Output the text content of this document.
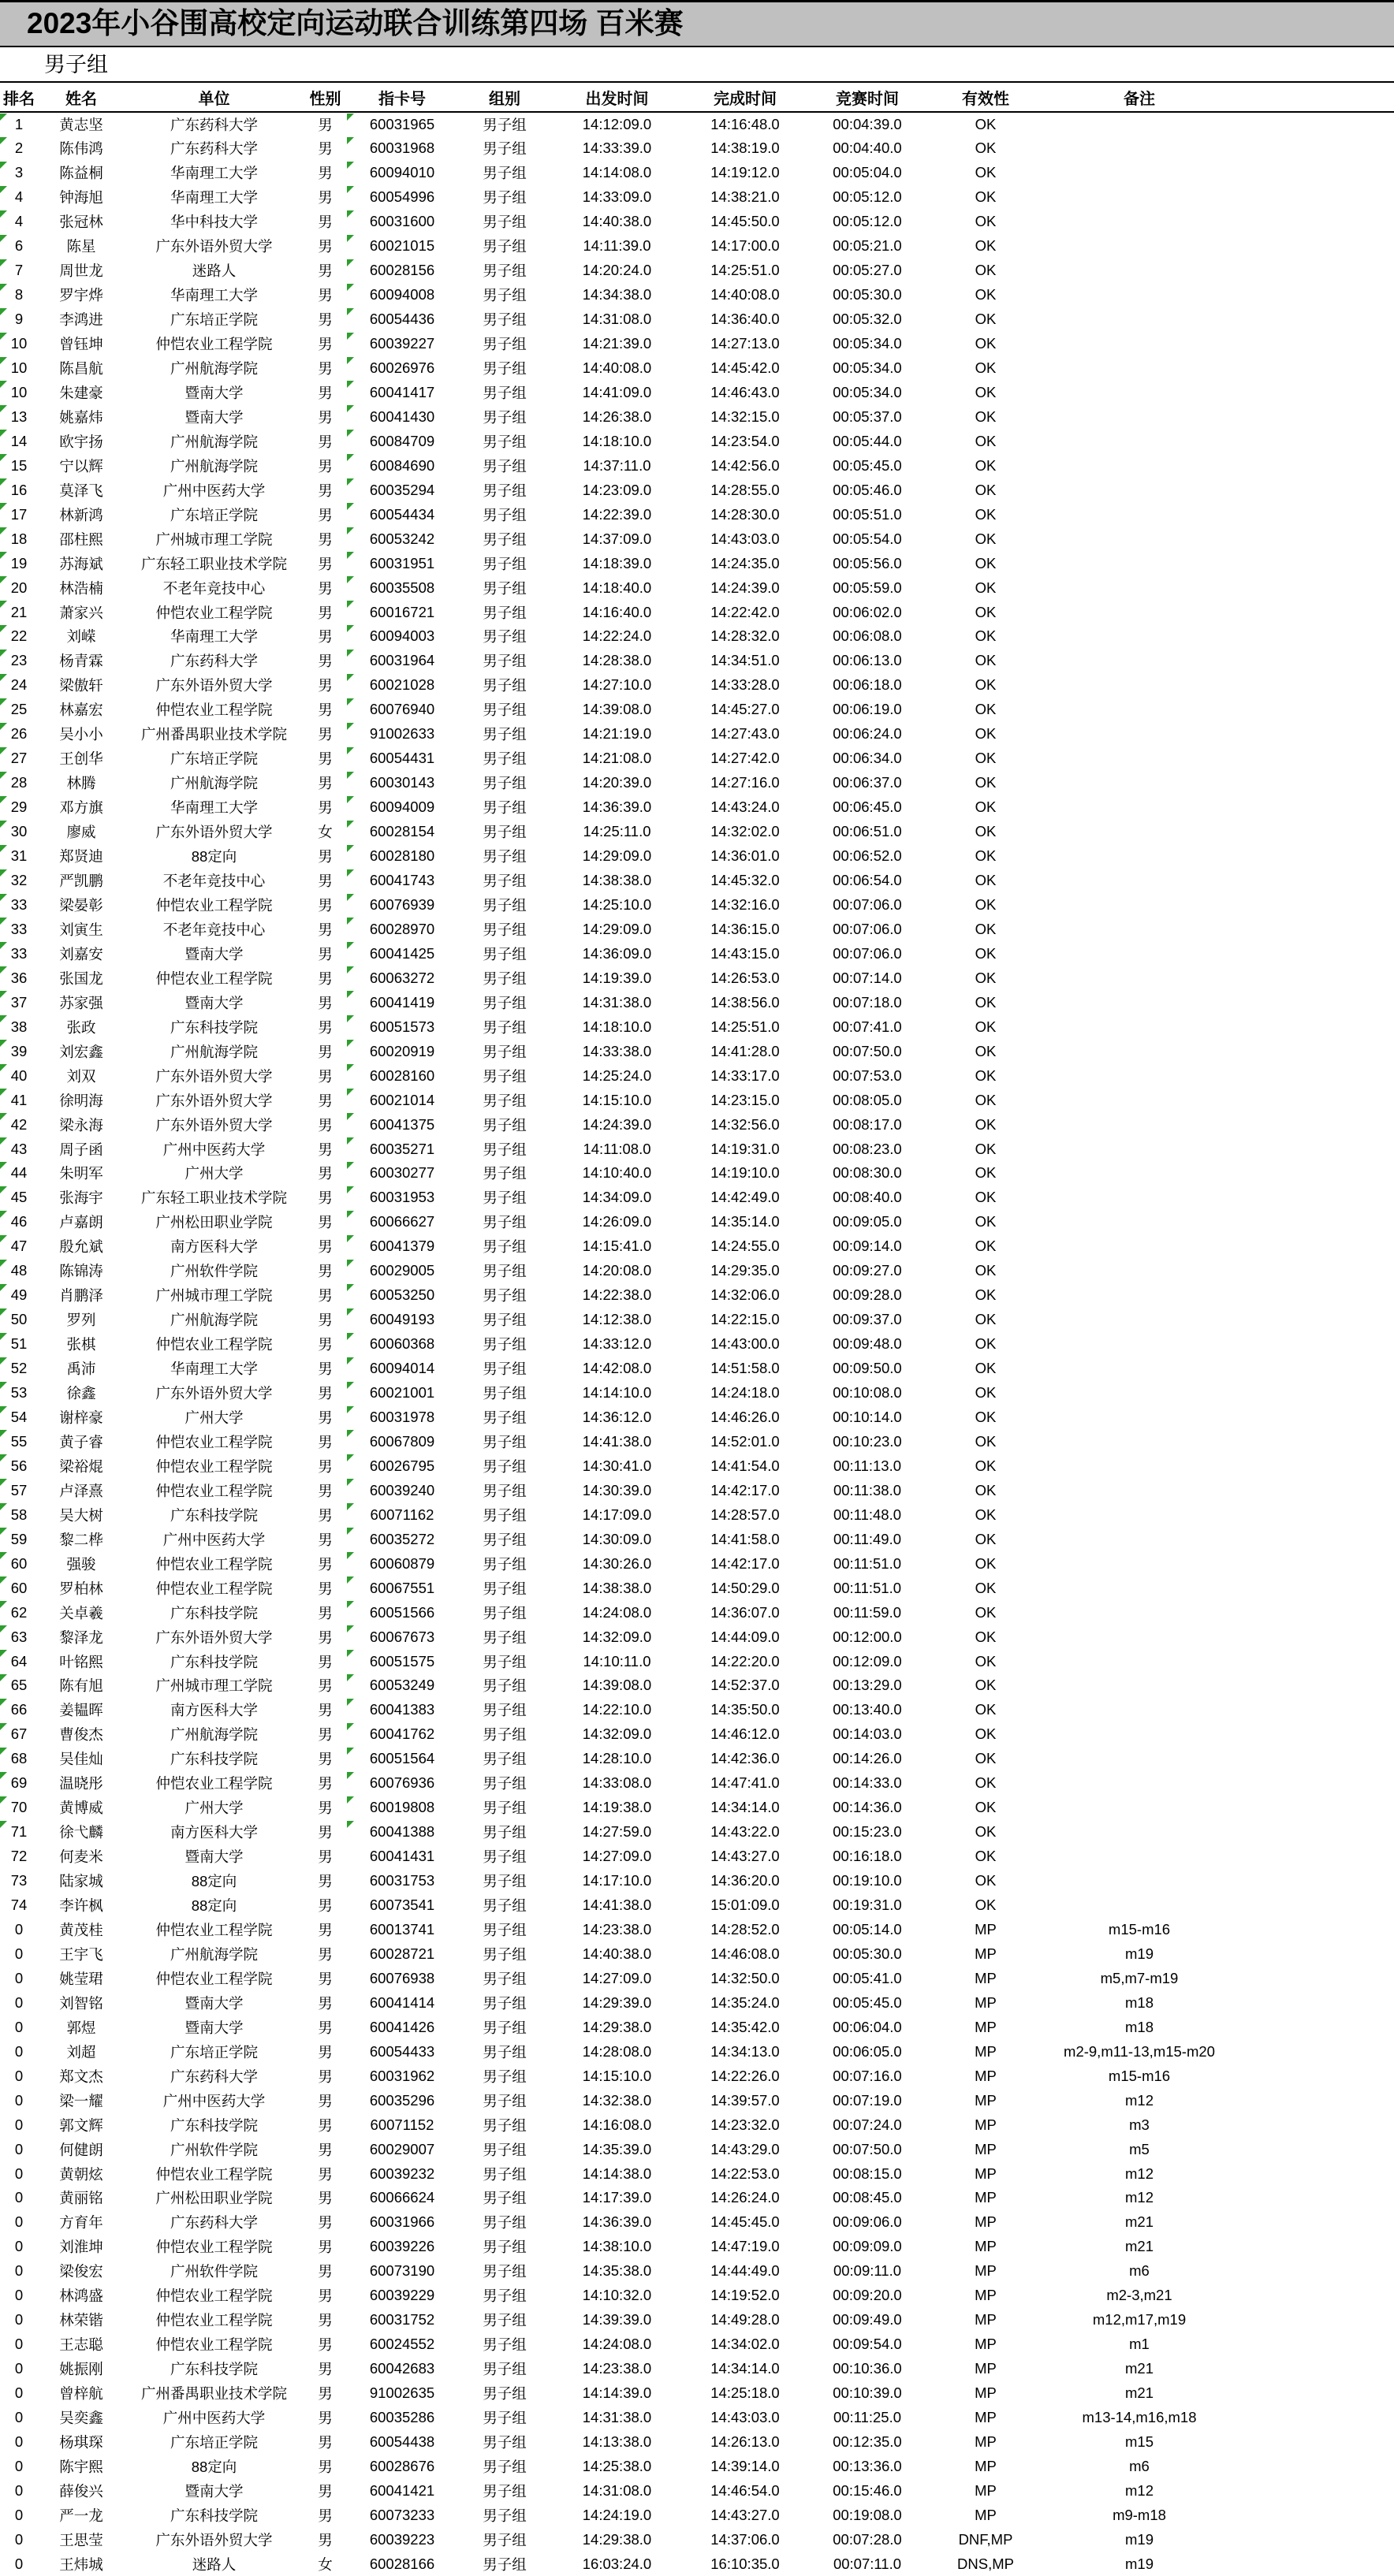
2023年小谷围高校定向运动联合训练第四场 百米赛
男子组
排名	姓名	单位	性别	指卡号	组别	出发时间	完成时间	竞赛时间	有效性	备注	

1	黄志坚	广东药科大学	男	60031965	男子组	14:12:09.0	14:16:48.0	00:04:39.0	OK		

2	陈伟鸿	广东药科大学	男	60031968	男子组	14:33:39.0	14:38:19.0	00:04:40.0	OK		

3	陈益桐	华南理工大学	男	60094010	男子组	14:14:08.0	14:19:12.0	00:05:04.0	OK		

4	钟海旭	华南理工大学	男	60054996	男子组	14:33:09.0	14:38:21.0	00:05:12.0	OK		

4	张冠林	华中科技大学	男	60031600	男子组	14:40:38.0	14:45:50.0	00:05:12.0	OK		

6	陈星	广东外语外贸大学	男	60021015	男子组	14:11:39.0	14:17:00.0	00:05:21.0	OK		

7	周世龙	迷路人	男	60028156	男子组	14:20:24.0	14:25:51.0	00:05:27.0	OK		

8	罗宇烨	华南理工大学	男	60094008	男子组	14:34:38.0	14:40:08.0	00:05:30.0	OK		

9	李鸿进	广东培正学院	男	60054436	男子组	14:31:08.0	14:36:40.0	00:05:32.0	OK		

10	曾钰坤	仲恺农业工程学院	男	60039227	男子组	14:21:39.0	14:27:13.0	00:05:34.0	OK		

10	陈昌航	广州航海学院	男	60026976	男子组	14:40:08.0	14:45:42.0	00:05:34.0	OK		

10	朱建豪	暨南大学	男	60041417	男子组	14:41:09.0	14:46:43.0	00:05:34.0	OK		

13	姚嘉炜	暨南大学	男	60041430	男子组	14:26:38.0	14:32:15.0	00:05:37.0	OK		

14	欧宇扬	广州航海学院	男	60084709	男子组	14:18:10.0	14:23:54.0	00:05:44.0	OK		

15	宁以辉	广州航海学院	男	60084690	男子组	14:37:11.0	14:42:56.0	00:05:45.0	OK		

16	莫泽飞	广州中医药大学	男	60035294	男子组	14:23:09.0	14:28:55.0	00:05:46.0	OK		

17	林新鸿	广东培正学院	男	60054434	男子组	14:22:39.0	14:28:30.0	00:05:51.0	OK		

18	邵柱熙	广州城市理工学院	男	60053242	男子组	14:37:09.0	14:43:03.0	00:05:54.0	OK		

19	苏海斌	广东轻工职业技术学院	男	60031951	男子组	14:18:39.0	14:24:35.0	00:05:56.0	OK		

20	林浩楠	不老年竞技中心	男	60035508	男子组	14:18:40.0	14:24:39.0	00:05:59.0	OK		

21	萧家兴	仲恺农业工程学院	男	60016721	男子组	14:16:40.0	14:22:42.0	00:06:02.0	OK		

22	刘嵘	华南理工大学	男	60094003	男子组	14:22:24.0	14:28:32.0	00:06:08.0	OK		

23	杨青霖	广东药科大学	男	60031964	男子组	14:28:38.0	14:34:51.0	00:06:13.0	OK		

24	梁傲轩	广东外语外贸大学	男	60021028	男子组	14:27:10.0	14:33:28.0	00:06:18.0	OK		

25	林嘉宏	仲恺农业工程学院	男	60076940	男子组	14:39:08.0	14:45:27.0	00:06:19.0	OK		

26	吴小小	广州番禺职业技术学院	男	91002633	男子组	14:21:19.0	14:27:43.0	00:06:24.0	OK		

27	王创华	广东培正学院	男	60054431	男子组	14:21:08.0	14:27:42.0	00:06:34.0	OK		

28	林腾	广州航海学院	男	60030143	男子组	14:20:39.0	14:27:16.0	00:06:37.0	OK		

29	邓方旗	华南理工大学	男	60094009	男子组	14:36:39.0	14:43:24.0	00:06:45.0	OK		

30	廖威	广东外语外贸大学	女	60028154	男子组	14:25:11.0	14:32:02.0	00:06:51.0	OK		

31	郑贤迪	88定向	男	60028180	男子组	14:29:09.0	14:36:01.0	00:06:52.0	OK		

32	严凯鹏	不老年竞技中心	男	60041743	男子组	14:38:38.0	14:45:32.0	00:06:54.0	OK		

33	梁晏彰	仲恺农业工程学院	男	60076939	男子组	14:25:10.0	14:32:16.0	00:07:06.0	OK		

33	刘寅生	不老年竞技中心	男	60028970	男子组	14:29:09.0	14:36:15.0	00:07:06.0	OK		

33	刘嘉安	暨南大学	男	60041425	男子组	14:36:09.0	14:43:15.0	00:07:06.0	OK		

36	张国龙	仲恺农业工程学院	男	60063272	男子组	14:19:39.0	14:26:53.0	00:07:14.0	OK		

37	苏家强	暨南大学	男	60041419	男子组	14:31:38.0	14:38:56.0	00:07:18.0	OK		

38	张政	广东科技学院	男	60051573	男子组	14:18:10.0	14:25:51.0	00:07:41.0	OK		

39	刘宏鑫	广州航海学院	男	60020919	男子组	14:33:38.0	14:41:28.0	00:07:50.0	OK		

40	刘双	广东外语外贸大学	男	60028160	男子组	14:25:24.0	14:33:17.0	00:07:53.0	OK		

41	徐明海	广东外语外贸大学	男	60021014	男子组	14:15:10.0	14:23:15.0	00:08:05.0	OK		

42	梁永海	广东外语外贸大学	男	60041375	男子组	14:24:39.0	14:32:56.0	00:08:17.0	OK		

43	周子函	广州中医药大学	男	60035271	男子组	14:11:08.0	14:19:31.0	00:08:23.0	OK		

44	朱明军	广州大学	男	60030277	男子组	14:10:40.0	14:19:10.0	00:08:30.0	OK		

45	张海宇	广东轻工职业技术学院	男	60031953	男子组	14:34:09.0	14:42:49.0	00:08:40.0	OK		

46	卢嘉朗	广州松田职业学院	男	60066627	男子组	14:26:09.0	14:35:14.0	00:09:05.0	OK		

47	殷允斌	南方医科大学	男	60041379	男子组	14:15:41.0	14:24:55.0	00:09:14.0	OK		

48	陈锦涛	广州软件学院	男	60029005	男子组	14:20:08.0	14:29:35.0	00:09:27.0	OK		

49	肖鹏泽	广州城市理工学院	男	60053250	男子组	14:22:38.0	14:32:06.0	00:09:28.0	OK		

50	罗列	广州航海学院	男	60049193	男子组	14:12:38.0	14:22:15.0	00:09:37.0	OK		

51	张棋	仲恺农业工程学院	男	60060368	男子组	14:33:12.0	14:43:00.0	00:09:48.0	OK		

52	禹沛	华南理工大学	男	60094014	男子组	14:42:08.0	14:51:58.0	00:09:50.0	OK		

53	徐鑫	广东外语外贸大学	男	60021001	男子组	14:14:10.0	14:24:18.0	00:10:08.0	OK		

54	谢梓豪	广州大学	男	60031978	男子组	14:36:12.0	14:46:26.0	00:10:14.0	OK		

55	黄子睿	仲恺农业工程学院	男	60067809	男子组	14:41:38.0	14:52:01.0	00:10:23.0	OK		

56	梁裕焜	仲恺农业工程学院	男	60026795	男子组	14:30:41.0	14:41:54.0	00:11:13.0	OK		

57	卢泽熹	仲恺农业工程学院	男	60039240	男子组	14:30:39.0	14:42:17.0	00:11:38.0	OK		

58	吴大树	广东科技学院	男	60071162	男子组	14:17:09.0	14:28:57.0	00:11:48.0	OK		

59	黎二桦	广州中医药大学	男	60035272	男子组	14:30:09.0	14:41:58.0	00:11:49.0	OK		

60	强骏	仲恺农业工程学院	男	60060879	男子组	14:30:26.0	14:42:17.0	00:11:51.0	OK		

60	罗柏林	仲恺农业工程学院	男	60067551	男子组	14:38:38.0	14:50:29.0	00:11:51.0	OK		

62	关卓羲	广东科技学院	男	60051566	男子组	14:24:08.0	14:36:07.0	00:11:59.0	OK		

63	黎泽龙	广东外语外贸大学	男	60067673	男子组	14:32:09.0	14:44:09.0	00:12:00.0	OK		

64	叶铭熙	广东科技学院	男	60051575	男子组	14:10:11.0	14:22:20.0	00:12:09.0	OK		

65	陈有旭	广州城市理工学院	男	60053249	男子组	14:39:08.0	14:52:37.0	00:13:29.0	OK		

66	姜韫晖	南方医科大学	男	60041383	男子组	14:22:10.0	14:35:50.0	00:13:40.0	OK		

67	曹俊杰	广州航海学院	男	60041762	男子组	14:32:09.0	14:46:12.0	00:14:03.0	OK		

68	吴佳灿	广东科技学院	男	60051564	男子组	14:28:10.0	14:42:36.0	00:14:26.0	OK		

69	温晓彤	仲恺农业工程学院	男	60076936	男子组	14:33:08.0	14:47:41.0	00:14:33.0	OK		

70	黄博威	广州大学	男	60019808	男子组	14:19:38.0	14:34:14.0	00:14:36.0	OK		

71	徐弋麟	南方医科大学	男	60041388	男子组	14:27:59.0	14:43:22.0	00:15:23.0	OK		
72	何麦米	暨南大学	男	60041431	男子组	14:27:09.0	14:43:27.0	00:16:18.0	OK		
73	陆家城	88定向	男	60031753	男子组	14:17:10.0	14:36:20.0	00:19:10.0	OK		
74	李许枫	88定向	男	60073541	男子组	14:41:38.0	15:01:09.0	00:19:31.0	OK		
0	黄茂桂	仲恺农业工程学院	男	60013741	男子组	14:23:38.0	14:28:52.0	00:05:14.0	MP	m15-m16	
0	王宇飞	广州航海学院	男	60028721	男子组	14:40:38.0	14:46:08.0	00:05:30.0	MP	m19	
0	姚莹珺	仲恺农业工程学院	男	60076938	男子组	14:27:09.0	14:32:50.0	00:05:41.0	MP	m5,m7-m19	
0	刘智铭	暨南大学	男	60041414	男子组	14:29:39.0	14:35:24.0	00:05:45.0	MP	m18	
0	郭煜	暨南大学	男	60041426	男子组	14:29:38.0	14:35:42.0	00:06:04.0	MP	m18	
0	刘超	广东培正学院	男	60054433	男子组	14:28:08.0	14:34:13.0	00:06:05.0	MP	m2-9,m11-13,m15-m20	
0	郑文杰	广东药科大学	男	60031962	男子组	14:15:10.0	14:22:26.0	00:07:16.0	MP	m15-m16	
0	梁一耀	广州中医药大学	男	60035296	男子组	14:32:38.0	14:39:57.0	00:07:19.0	MP	m12	
0	郭文辉	广东科技学院	男	60071152	男子组	14:16:08.0	14:23:32.0	00:07:24.0	MP	m3	
0	何健朗	广州软件学院	男	60029007	男子组	14:35:39.0	14:43:29.0	00:07:50.0	MP	m5	
0	黄朝炫	仲恺农业工程学院	男	60039232	男子组	14:14:38.0	14:22:53.0	00:08:15.0	MP	m12	
0	黄丽铭	广州松田职业学院	男	60066624	男子组	14:17:39.0	14:26:24.0	00:08:45.0	MP	m12	
0	方育年	广东药科大学	男	60031966	男子组	14:36:39.0	14:45:45.0	00:09:06.0	MP	m21	
0	刘淮坤	仲恺农业工程学院	男	60039226	男子组	14:38:10.0	14:47:19.0	00:09:09.0	MP	m21	
0	梁俊宏	广州软件学院	男	60073190	男子组	14:35:38.0	14:44:49.0	00:09:11.0	MP	m6	
0	林鸿盛	仲恺农业工程学院	男	60039229	男子组	14:10:32.0	14:19:52.0	00:09:20.0	MP	m2-3,m21	
0	林荣锴	仲恺农业工程学院	男	60031752	男子组	14:39:39.0	14:49:28.0	00:09:49.0	MP	m12,m17,m19	
0	王志聪	仲恺农业工程学院	男	60024552	男子组	14:24:08.0	14:34:02.0	00:09:54.0	MP	m1	
0	姚振刚	广东科技学院	男	60042683	男子组	14:23:38.0	14:34:14.0	00:10:36.0	MP	m21	
0	曾梓航	广州番禺职业技术学院	男	91002635	男子组	14:14:39.0	14:25:18.0	00:10:39.0	MP	m21	
0	吴奕鑫	广州中医药大学	男	60035286	男子组	14:31:38.0	14:43:03.0	00:11:25.0	MP	m13-14,m16,m18	
0	杨琪琛	广东培正学院	男	60054438	男子组	14:13:38.0	14:26:13.0	00:12:35.0	MP	m15	
0	陈宇熙	88定向	男	60028676	男子组	14:25:38.0	14:39:14.0	00:13:36.0	MP	m6	
0	薛俊兴	暨南大学	男	60041421	男子组	14:31:08.0	14:46:54.0	00:15:46.0	MP	m12	
0	严一龙	广东科技学院	男	60073233	男子组	14:24:19.0	14:43:27.0	00:19:08.0	MP	m9-m18	
0	王思莹	广东外语外贸大学	男	60039223	男子组	14:29:38.0	14:37:06.0	00:07:28.0	DNF,MP	m19	
0	王炜城	迷路人	女	60028166	男子组	16:03:24.0	16:10:35.0	00:07:11.0	DNS,MP	m19	
